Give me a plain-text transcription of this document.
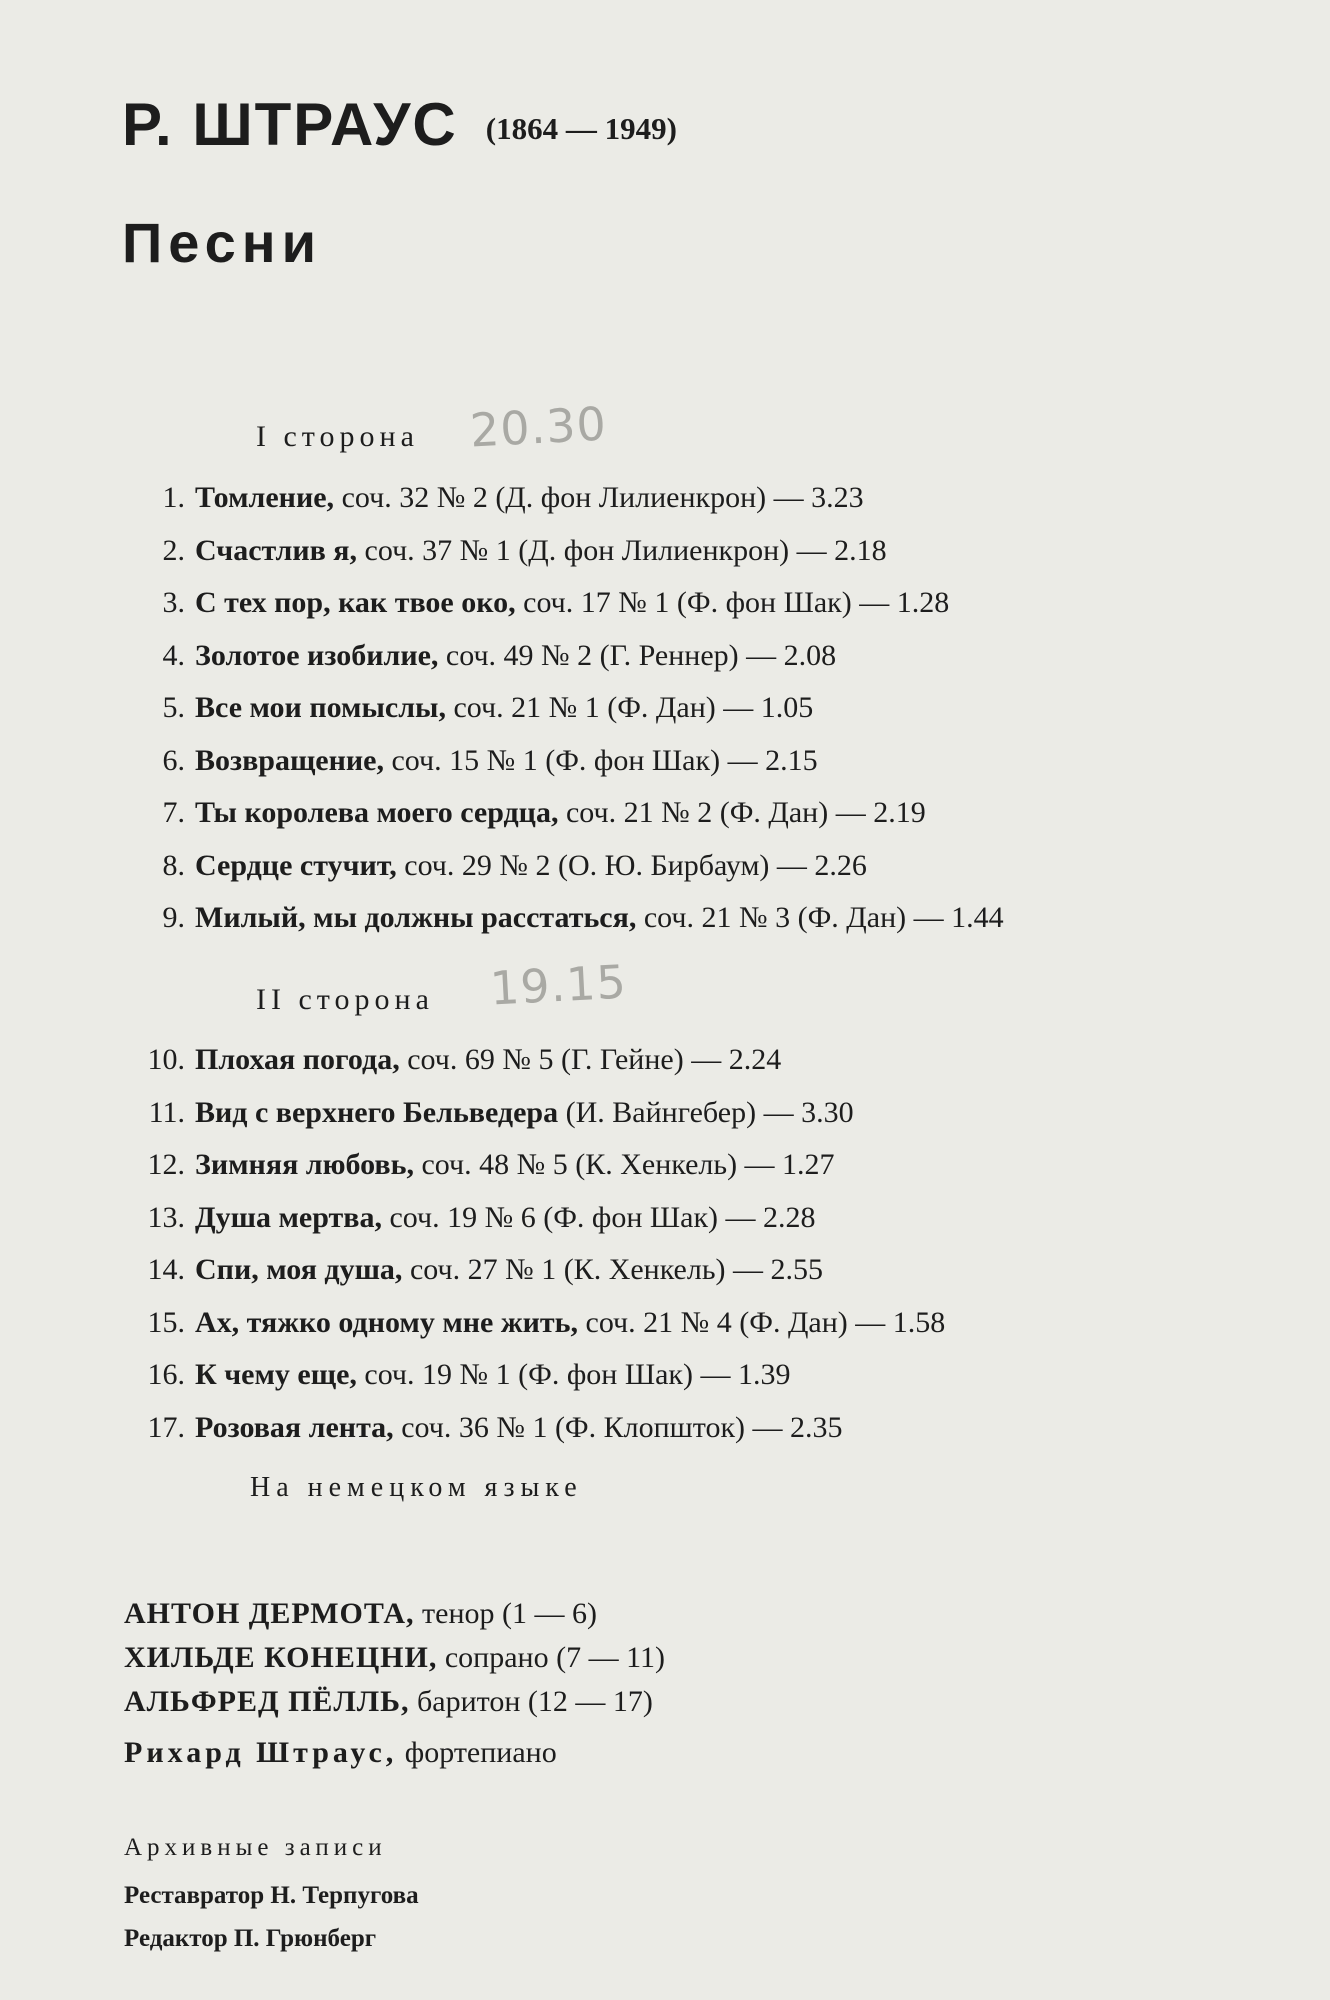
Р. ШТРАУС (1864 — 1949)
Песни
I сторона 20.30
1. Томление, соч. 32 № 2 (Д. фон Лилиенкрон) — 3.23
2. Счастлив я, соч. 37 № 1 (Д. фон Лилиенкрон) — 2.18
3. С тех пор, как твое око, соч. 17 № 1 (Ф. фон Шак) — 1.28
4. Золотое изобилие, соч. 49 № 2 (Г. Реннер) — 2.08
5. Все мои помыслы, соч. 21 № 1 (Ф. Дан) — 1.05
6. Возвращение, соч. 15 № 1 (Ф. фон Шак) — 2.15
7. Ты королева моего сердца, соч. 21 № 2 (Ф. Дан) — 2.19
8. Сердце стучит, соч. 29 № 2 (О. Ю. Бирбаум) — 2.26
9. Милый, мы должны расстаться, соч. 21 № 3 (Ф. Дан) — 1.44
II сторона 19.15
10. Плохая погода, соч. 69 № 5 (Г. Гейне) — 2.24
11. Вид с верхнего Бельведера (И. Вайнгебер) — 3.30
12. Зимняя любовь, соч. 48 № 5 (К. Хенкель) — 1.27
13. Душа мертва, соч. 19 № 6 (Ф. фон Шак) — 2.28
14. Спи, моя душа, соч. 27 № 1 (К. Хенкель) — 2.55
15. Ах, тяжко одному мне жить, соч. 21 № 4 (Ф. Дан) — 1.58
16. К чему еще, соч. 19 № 1 (Ф. фон Шак) — 1.39
17. Розовая лента, соч. 36 № 1 (Ф. Клопшток) — 2.35
На немецком языке
АНТОН ДЕРМОТА, тенор (1 — 6)
ХИЛЬДЕ КОНЕЦНИ, сопрано (7 — 11)
АЛЬФРЕД ПЁЛЛЬ, баритон (12 — 17)
Рихард Штраус, фортепиано
Архивные записи
Реставратор Н. Терпугова
Редактор П. Грюнберг
